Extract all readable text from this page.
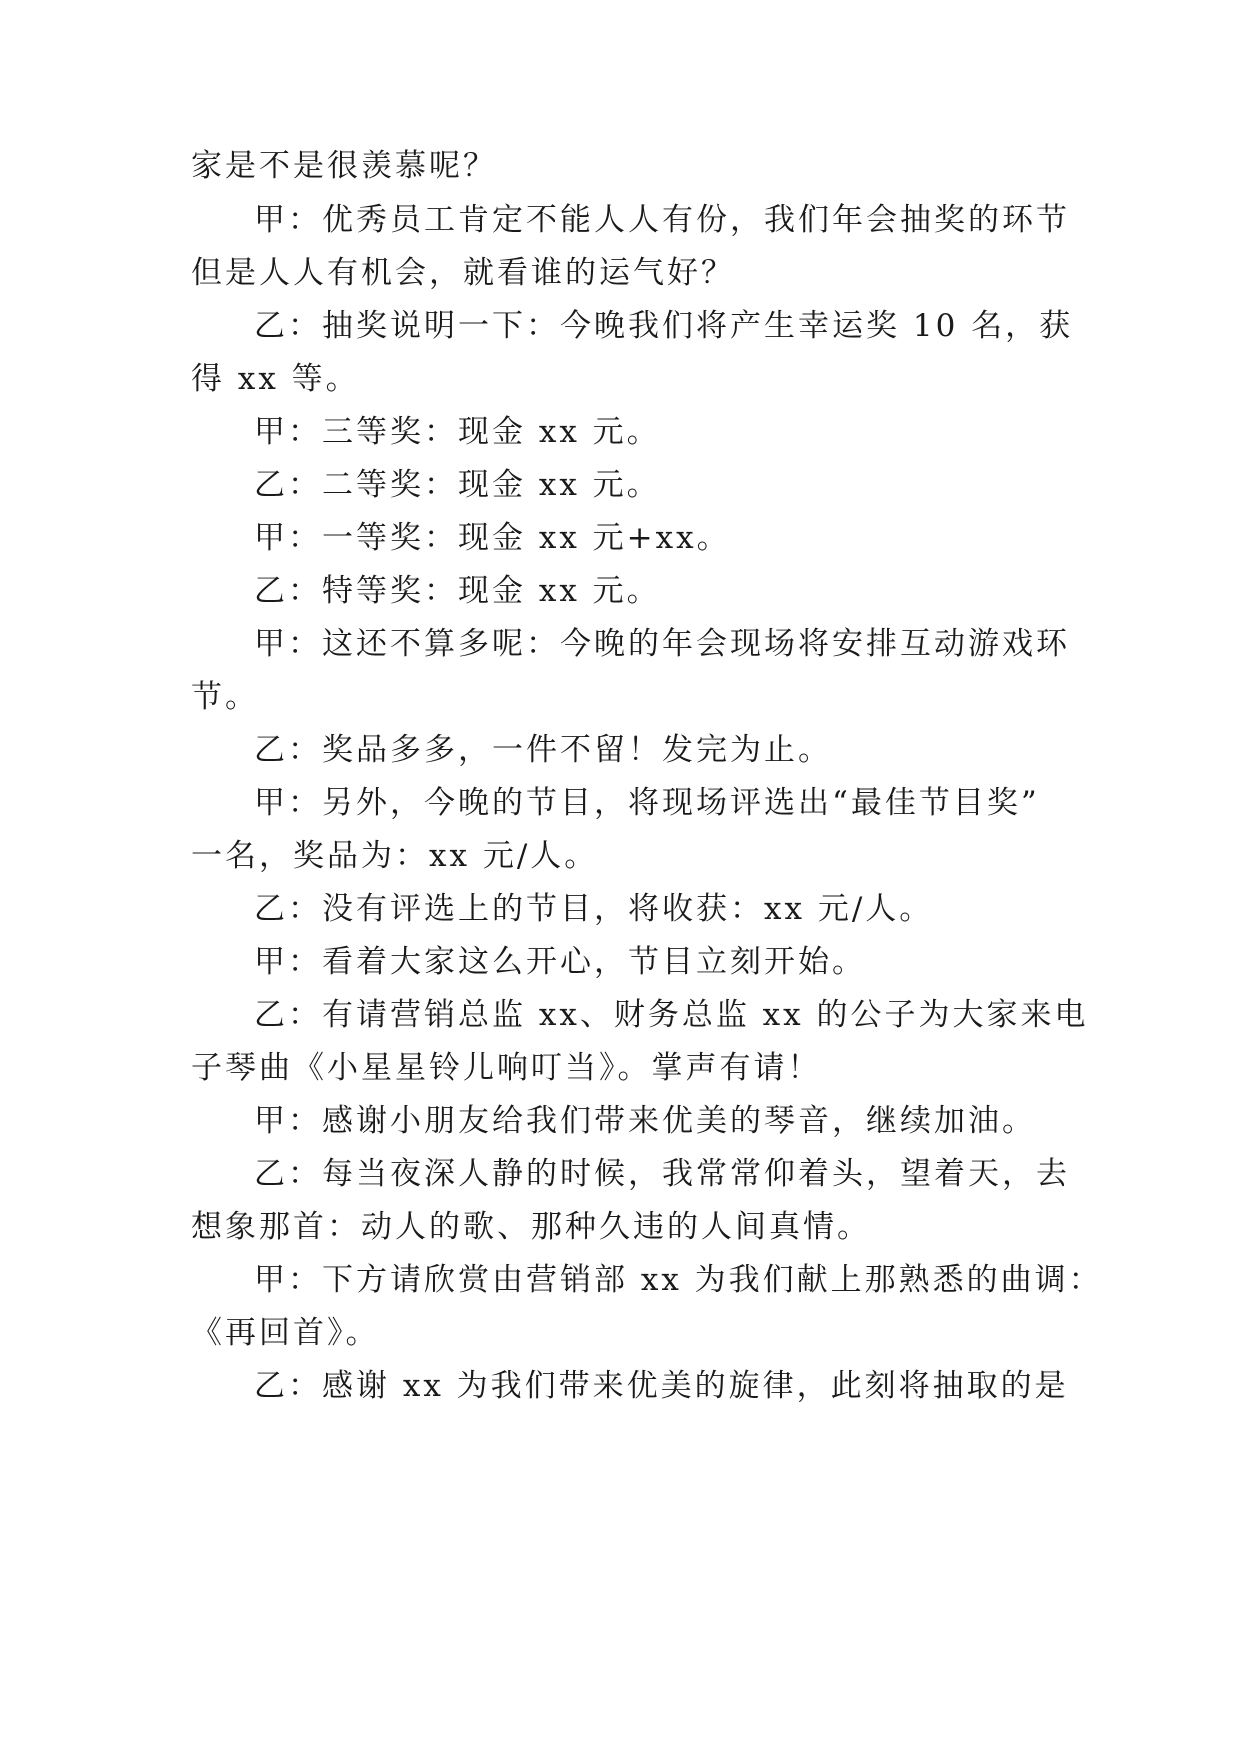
家是不是很羡慕呢？
甲：优秀员工肯定不能人人有份，我们年会抽奖的环节
但是人人有机会，就看谁的运气好？
乙：抽奖说明一下：今晚我们将产生幸运奖 10 名，获
得 xx 等。
甲：三等奖：现金 xx 元。
乙：二等奖：现金 xx 元。
甲：一等奖：现金 xx 元+xx。
乙：特等奖：现金 xx 元。
甲：这还不算多呢：今晚的年会现场将安排互动游戏环
节。
乙：奖品多多，一件不留！发完为止。
甲：另外，今晚的节目，将现场评选出“最佳节目奖”
一名，奖品为：xx 元/人。
乙：没有评选上的节目，将收获：xx 元/人。
甲：看着大家这么开心，节目立刻开始。
乙：有请营销总监 xx、财务总监 xx 的公子为大家来电
子琴曲《小星星铃儿响叮当》。掌声有请！
甲：感谢小朋友给我们带来优美的琴音，继续加油。
乙：每当夜深人静的时候，我常常仰着头，望着天，去
想象那首：动人的歌、那种久违的人间真情。
甲：下方请欣赏由营销部 xx 为我们献上那熟悉的曲调：
《再回首》。
乙：感谢 xx 为我们带来优美的旋律，此刻将抽取的是
